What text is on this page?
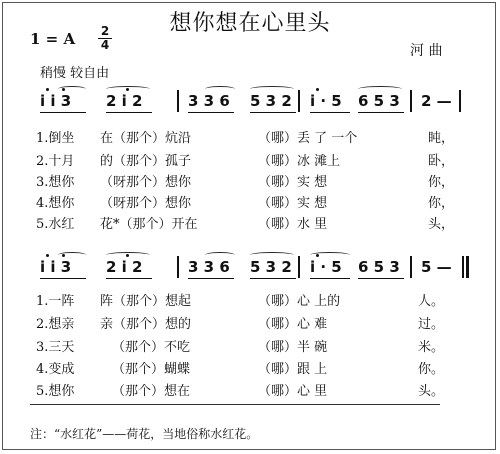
想你想在心里头
1 = A $\frac{2}{4}$	河 曲
稍慢 较自由
i i 3 2 i 2	3 3 6 5 3 2 i · 5 6 5 3 2 —
1.倒坐 在（那个）炕沿	（哪）丢 了 一个	盹，
2.十月 的（那个）孤子	（哪）冰 滩上	卧，
3.想你 （呀那个）想你	（哪）实 想	你，
4.想你 （呀那个）想你	（哪）实 想	你，
5.水红 花*（那个）开在	（哪）水 里	头，
i i 3 2 i 2	3 3 6 5 3 2 i · 5 6 5 3 5 —
1.一阵 阵（那个）想起	（哪）心 上的	人。
2.想亲 亲（那个）想的	（哪）心 难	过。
3.三天	（那个）不吃	（哪）半 碗	米。
4.变成	（那个）蝴蝶	（哪）跟 上	你。
5.想你	（那个）想在	（哪）心 里	头。
注：“水红花”——荷花，当地俗称水红花。
